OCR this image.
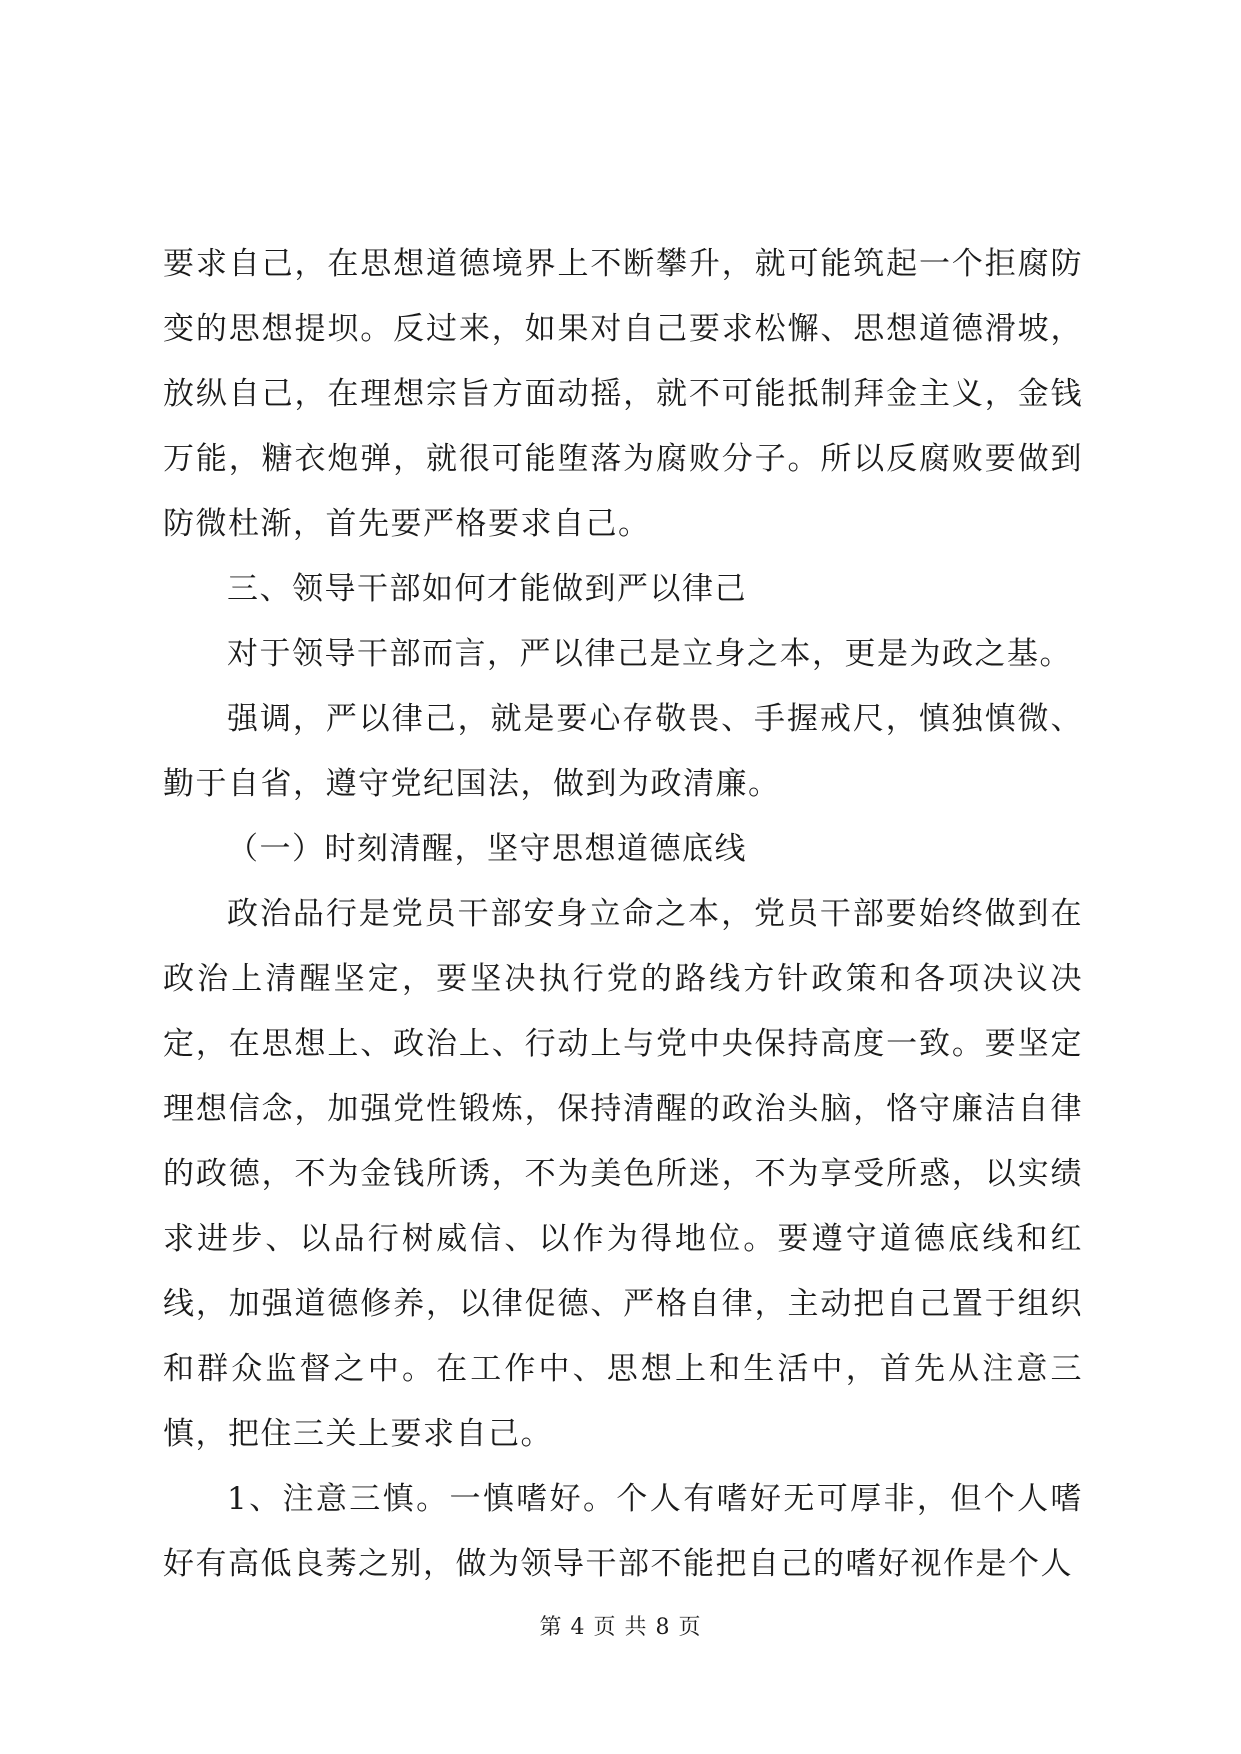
要求自己，在思想道德境界上不断攀升，就可能筑起一个拒腐防变的思想提坝。反过来，如果对自己要求松懈、思想道德滑坡，放纵自己，在理想宗旨方面动摇，就不可能抵制拜金主义，金钱万能，糖衣炮弹，就很可能堕落为腐败分子。所以反腐败要做到防微杜渐，首先要严格要求自己。

三、领导干部如何才能做到严以律己

对于领导干部而言，严以律己是立身之本，更是为政之基。

强调，严以律己，就是要心存敬畏、手握戒尺，慎独慎微、勤于自省，遵守党纪国法，做到为政清廉。

（一）时刻清醒，坚守思想道德底线

政治品行是党员干部安身立命之本，党员干部要始终做到在政治上清醒坚定，要坚决执行党的路线方针政策和各项决议决定，在思想上、政治上、行动上与党中央保持高度一致。要坚定理想信念，加强党性锻炼，保持清醒的政治头脑，恪守廉洁自律的政德，不为金钱所诱，不为美色所迷，不为享受所惑，以实绩求进步、以品行树威信、以作为得地位。要遵守道德底线和红线，加强道德修养，以律促德、严格自律，主动把自己置于组织和群众监督之中。在工作中、思想上和生活中，首先从注意三慎，把住三关上要求自己。

1、注意三慎。一慎嗜好。个人有嗜好无可厚非，但个人嗜好有高低良莠之别，做为领导干部不能把自己的嗜好视作是个人

第 4 页 共 8 页
